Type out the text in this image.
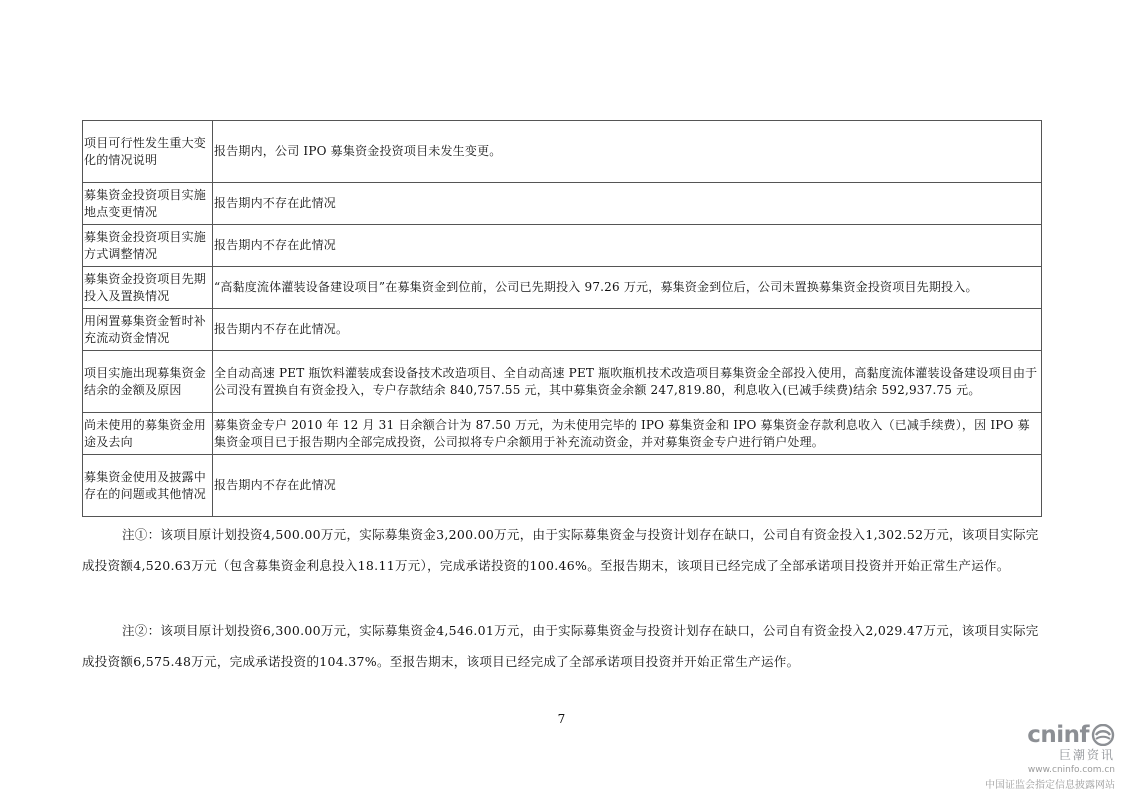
项目可行性发生重大变化的情况说明	报告期内，公司 IPO 募集资金投资项目未发生变更。
募集资金投资项目实施地点变更情况	报告期内不存在此情况
募集资金投资项目实施方式调整情况	报告期内不存在此情况
募集资金投资项目先期投入及置换情况	“高黏度流体灌装设备建设项目”在募集资金到位前，公司已先期投入 97.26 万元，募集资金到位后，公司未置换募集资金投资项目先期投入。
用闲置募集资金暂时补充流动资金情况	报告期内不存在此情况。
项目实施出现募集资金结余的金额及原因	全自动高速 PET 瓶饮料灌装成套设备技术改造项目、全自动高速 PET 瓶吹瓶机技术改造项目募集资金全部投入使用，高黏度流体灌装设备建设项目由于公司没有置换自有资金投入，专户存款结余 840,757.55 元，其中募集资金余额 247,819.80，利息收入(已减手续费)结余 592,937.75 元。
尚未使用的募集资金用途及去向	募集资金专户 2010 年 12 月 31 日余额合计为 87.50 万元，为未使用完毕的 IPO 募集资金和 IPO 募集资金存款利息收入（已减手续费），因 IPO 募集资金项目已于报告期内全部完成投资，公司拟将专户余额用于补充流动资金，并对募集资金专户进行销户处理。
募集资金使用及披露中存在的问题或其他情况	报告期内不存在此情况

注①：该项目原计划投资4,500.00万元，实际募集资金3,200.00万元，由于实际募集资金与投资计划存在缺口，公司自有资金投入1,302.52万元，该项目实际完成投资额4,520.63万元（包含募集资金利息投入18.11万元），完成承诺投资的100.46%。至报告期末，该项目已经完成了全部承诺项目投资并开始正常生产运作。

注②：该项目原计划投资6,300.00万元，实际募集资金4,546.01万元，由于实际募集资金与投资计划存在缺口，公司自有资金投入2,029.47万元，该项目实际完成投资额6,575.48万元，完成承诺投资的104.37%。至报告期末，该项目已经完成了全部承诺项目投资并开始正常生产运作。

7
cninf
巨潮资讯
www.cninfo.com.cn
中国证监会指定信息披露网站
